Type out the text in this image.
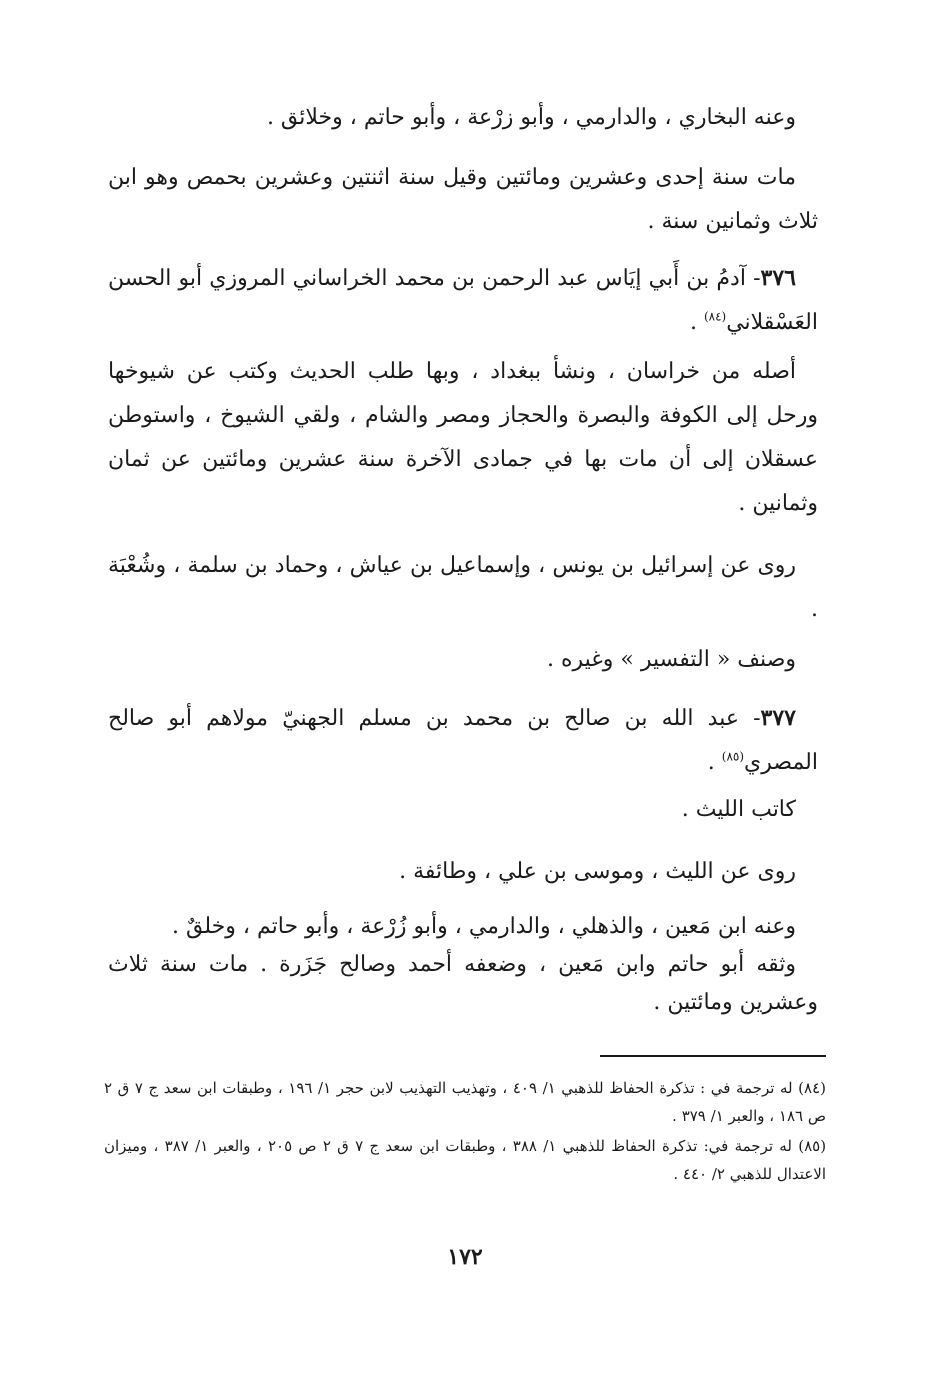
وعنه البخاري ، والدارمي ، وأبو زرْعة ، وأبو حاتم ، وخلائق .

مات سنة إحدى وعشرين ومائتين وقيل سنة اثنتين وعشرين بحمص وهو ابن ثلاث وثمانين سنة .

٣٧٦- آدمُ بن أَبي إيَاس عبد الرحمن بن محمد الخراساني المروزي أبو الحسن العَسْقلاني$^{(٨٤)}$ .

أصله من خراسان ، ونشأ ببغداد ، وبها طلب الحديث وكتب عن شيوخها ورحل إلى الكوفة والبصرة والحجاز ومصر والشام ، ولقي الشيوخ ، واستوطن عسقلان إلى أن مات بها في جمادى الآخرة سنة عشرين ومائتين عن ثمان وثمانين .

روى عن إسرائيل بن يونس ، وإسماعيل بن عياش ، وحماد بن سلمة ، وشُعْبَة .

وصنف « التفسير » وغيره .

٣٧٧- عبد الله بن صالح بن محمد بن مسلم الجهنيّ مولاهم أبو صالح المصري$^{(٨٥)}$ .

كاتب الليث .

روى عن الليث ، وموسى بن علي ، وطائفة .

وعنه ابن مَعين ، والذهلي ، والدارمي ، وأبو زُرْعة ، وأبو حاتم ، وخلقٌ .

وثقه أبو حاتم وابن مَعين ، وضعفه أحمد وصالح جَزَرة . مات سنة ثلاث وعشرين ومائتين .

(٨٤) له ترجمة في : تذكرة الحفاظ للذهبي ١/ ٤٠٩ ، وتهذيب التهذيب لابن حجر ١/ ١٩٦ ، وطبقات ابن سعد ج ٧ ق ٢ ص ١٨٦ ، والعبر ١/ ٣٧٩ .

(٨٥) له ترجمة في: تذكرة الحفاظ للذهبي ١/ ٣٨٨ ، وطبقات ابن سعد ج ٧ ق ٢ ص ٢٠٥ ، والعبر ١/ ٣٨٧ ، وميزان الاعتدال للذهبي ٢/ ٤٤٠ .

١٧٢
